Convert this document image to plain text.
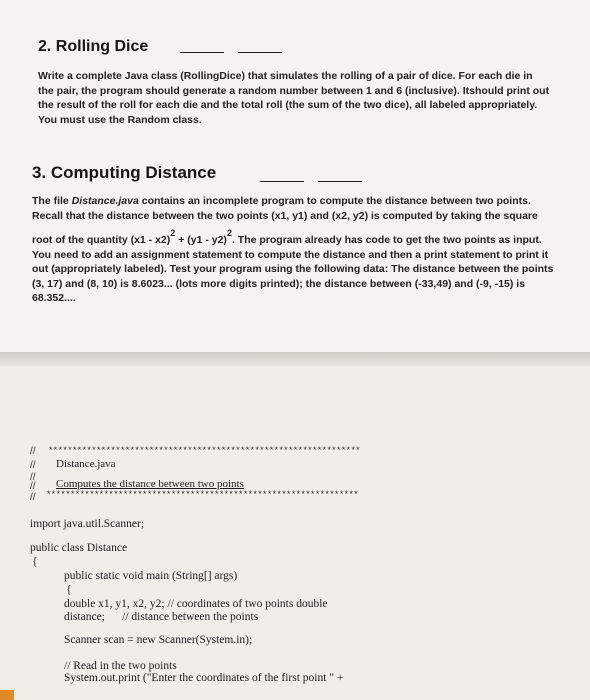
2. Rolling Dice

Write a complete Java class (RollingDice) that simulates the rolling of a pair of dice. For each die in
the pair, the program should generate a random number between 1 and 6 (inclusive). Itshould print out
the result of the roll for each die and the total roll (the sum of the two dice), all labeled appropriately.
You must use the Random class.

3. Computing Distance

The file Distance.java contains an incomplete program to compute the distance between two points.
Recall that the distance between the two points (x1, y1) and (x2, y2) is computed by taking the square
root of the quantity (x1 - x2)2 + (y1 - y2)2. The program already has code to get the two points as input.
You need to add an assignment statement to compute the distance and then a print statement to print it
out (appropriately labeled). Test your program using the following data: The distance between the points
(3, 17) and (8, 10) is 8.6023... (lots more digits printed); the distance between (-33,49) and (-9, -15) is
68.352....

// *****************************************************************
// Distance.java
//
// Computes the distance between two points
// *****************************************************************
import java.util.Scanner;
public class Distance
{
public static void main (String[] args)
{
double x1, y1, x2, y2; // coordinates of two points double
distance;      // distance between the points
Scanner scan = new Scanner(System.in);
// Read in the two points
System.out.print ("Enter the coordinates of the first point " +
